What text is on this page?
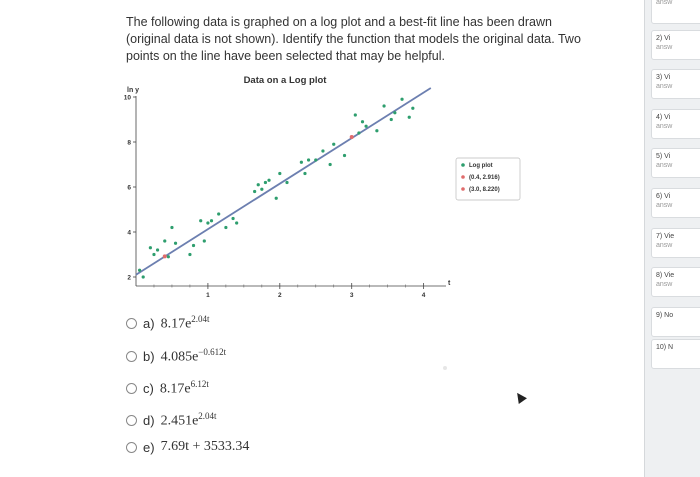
The following data is graphed on a log plot and a best-fit line has been drawn (original data is not shown). Identify the function that models the original data. Two points on the line have been selected that may be helpful.
Data on a Log plot
ln y
t
1	2	3	4
2
4
6
8
10
Log plot
(0.4, 2.916)
(3.0, 8.220)
a) $8.17e^{2.04t}$
b) $4.085e^{-0.612t}$
c) $8.17e^{6.12t}$
d) $2.451e^{2.04t}$
e) 7.69t + 3533.34
answ
2) Vi
answ
3) Vi
answ
4) Vi
answ
5) Vi
answ
6) Vi
answ
7) Vie
answ
8) Vie
answ
9) No
10) N
